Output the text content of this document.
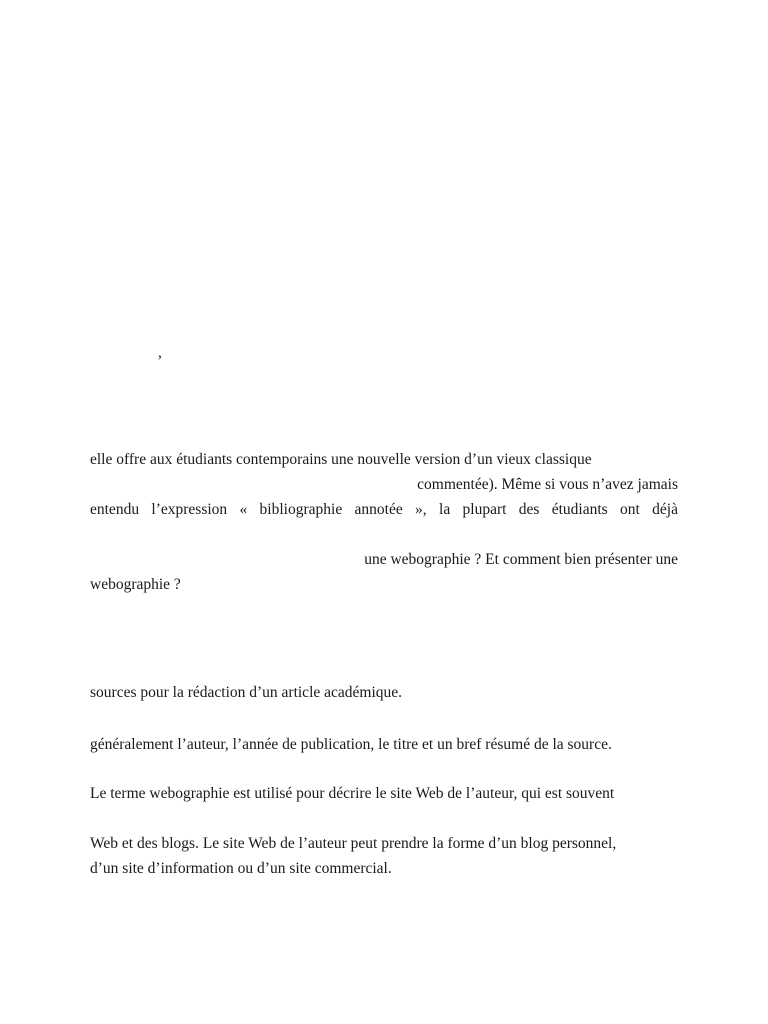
,
elle offre aux étudiants contemporains une nouvelle version d’un vieux classique
commentée). Même si vous n’avez jamais
entendu l’expression « bibliographie annotée », la plupart des étudiants ont déjà
une webographie ? Et comment bien présenter une
webographie ?
sources pour la rédaction d’un article académique.
généralement l’auteur, l’année de publication, le titre et un bref résumé de la source.
Le terme webographie est utilisé pour décrire le site Web de l’auteur, qui est souvent
Web et des blogs. Le site Web de l’auteur peut prendre la forme d’un blog personnel,
d’un site d’information ou d’un site commercial.
